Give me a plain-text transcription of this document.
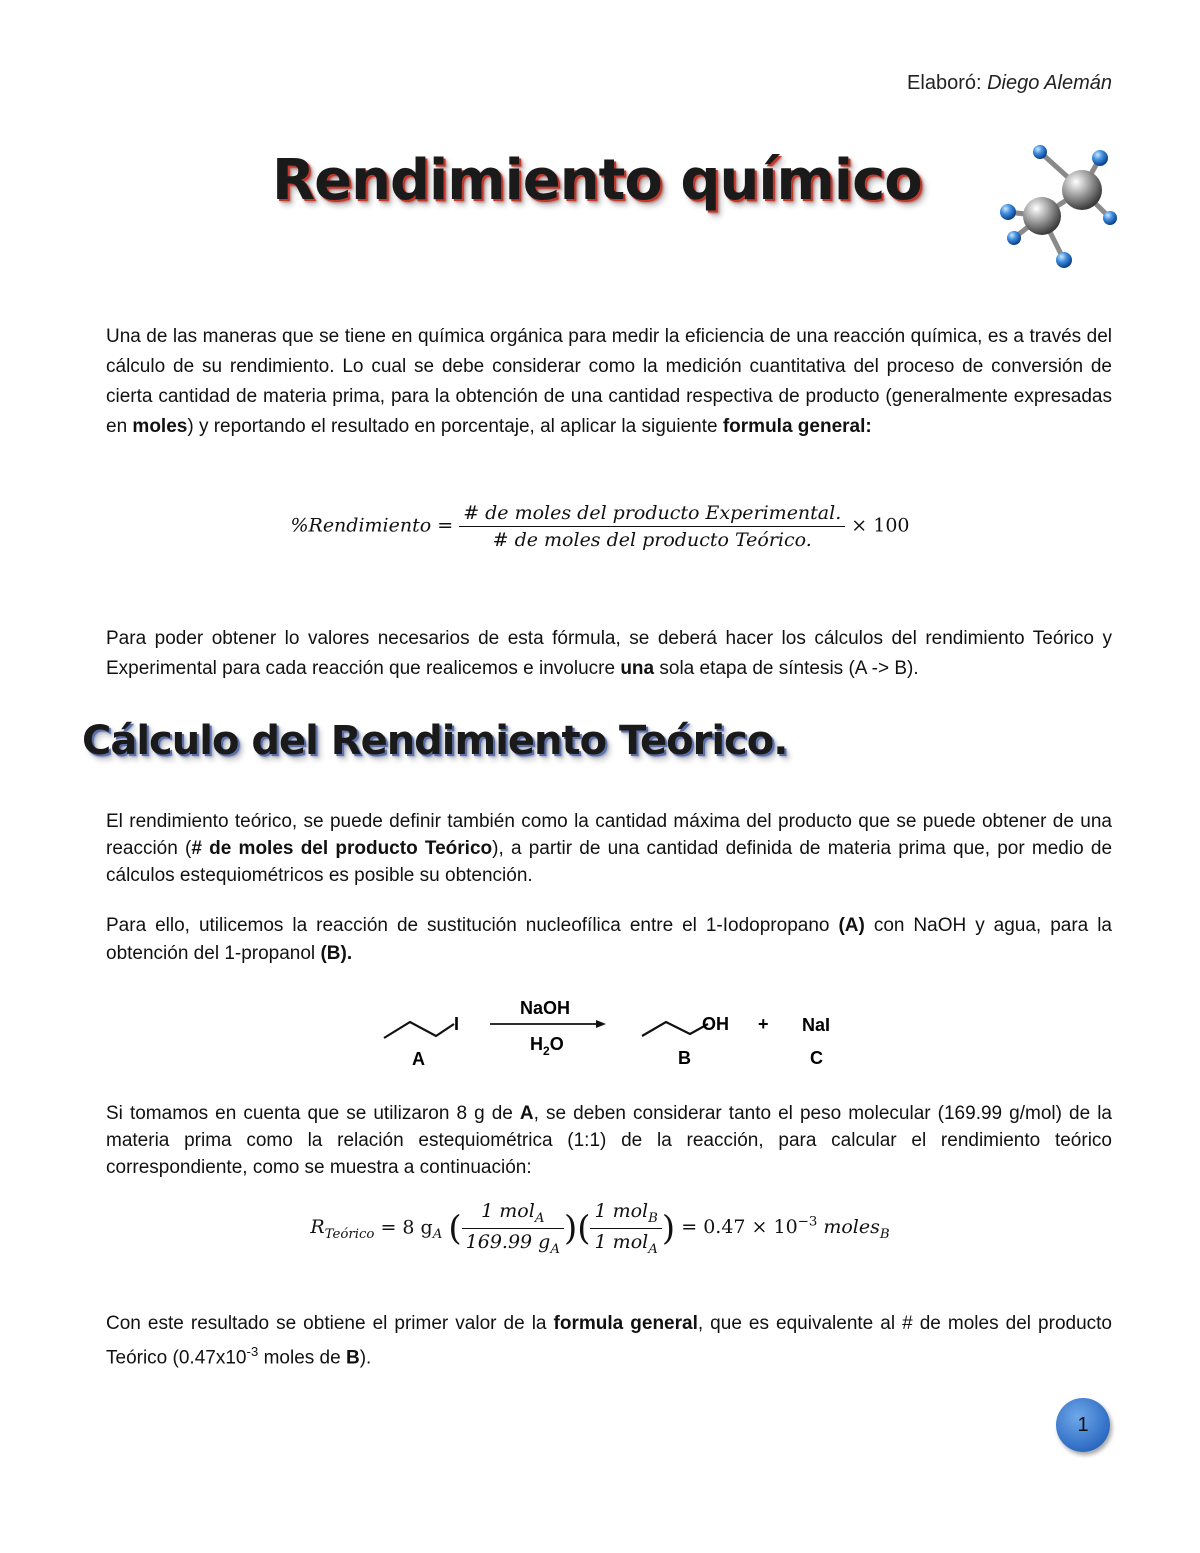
Elaboró: Diego Alemán
Rendimiento químico
Una de las maneras que se tiene en química orgánica para medir la eficiencia de una reacción química, es a través del cálculo de su rendimiento. Lo cual se debe considerar como la medición cuantitativa del proceso de conversión de cierta cantidad de materia prima, para la obtención de una cantidad respectiva de producto (generalmente expresadas en moles) y reportando el resultado en porcentaje, al aplicar la siguiente formula general:
%Rendimiento = $\frac{\text{\# de moles del producto Experimental.}}{\text{\# de moles del producto Teórico.}} \times 100$
Para poder obtener lo valores necesarios de esta fórmula, se deberá hacer los cálculos del rendimiento Teórico y Experimental para cada reacción que realicemos e involucre una sola etapa de síntesis (A -> B).
Cálculo del Rendimiento Teórico.
El rendimiento teórico, se puede definir también como la cantidad máxima del producto que se puede obtener de una reacción (# de moles del producto Teórico), a partir de una cantidad definida de materia prima que, por medio de cálculos estequiométricos es posible su obtención.
Para ello, utilicemos la reacción de sustitución nucleofílica entre el 1-Iodopropano (A) con NaOH y agua, para la obtención del 1-propanol (B).
I
A
NaOH
$H_2O$
OH
B
+ NaI
C
Si tomamos en cuenta que se utilizaron 8 g de A, se deben considerar tanto el peso molecular (169.99 g/mol) de la materia prima como la relación estequiométrica (1:1) de la reacción, para calcular el rendimiento teórico correspondiente, como se muestra a continuación:
$R_{Teórico} = 8$ $g_A$ ( $\frac{1 mol_A}{169.99 g_A}$ )( $\frac{1 mol_B}{1 mol_A}$ ) = $0.47 \times 10^{-3}$ moles$_B$
Con este resultado se obtiene el primer valor de la formula general, que es equivalente al # de moles del producto Teórico ($0.47x10^{-3}$ moles de B).
1
